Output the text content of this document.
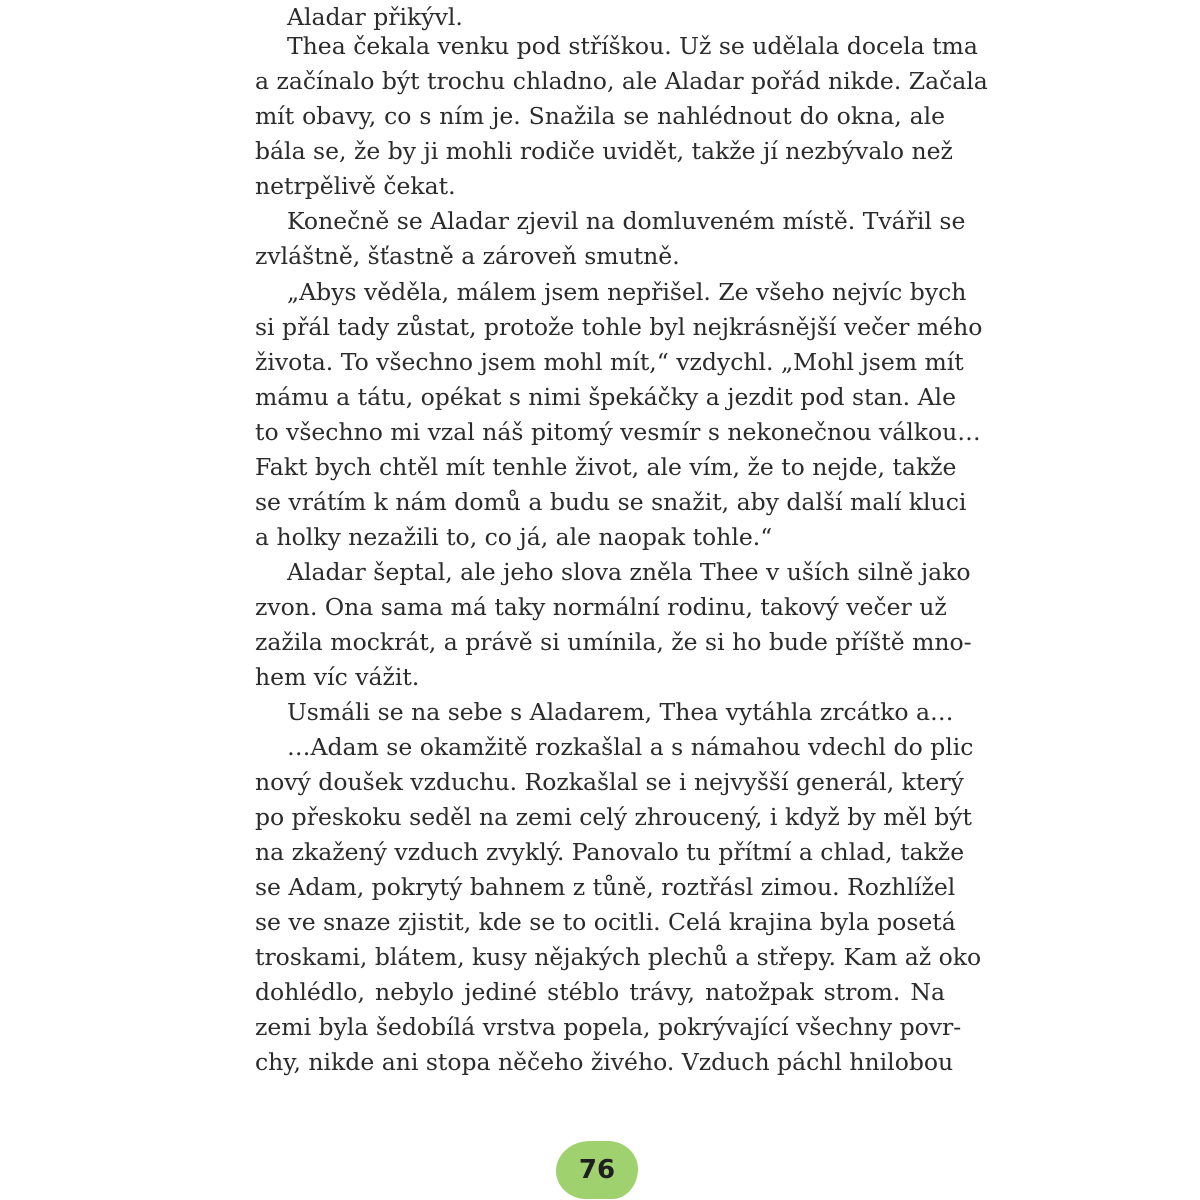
Aladar přikývl.
Thea čekala venku pod stříškou. Už se udělala docela tma
a začínalo být trochu chladno, ale Aladar pořád nikde. Začala
mít obavy, co s ním je. Snažila se nahlédnout do okna, ale
bála se, že by ji mohli rodiče uvidět, takže jí nezbývalo než
netrpělivě čekat.
Konečně se Aladar zjevil na domluveném místě. Tvářil se
zvláštně, šťastně a zároveň smutně.
„Abys věděla, málem jsem nepřišel. Ze všeho nejvíc bych
si přál tady zůstat, protože tohle byl nejkrásnější večer mého
života. To všechno jsem mohl mít,“ vzdychl. „Mohl jsem mít
mámu a tátu, opékat s nimi špekáčky a jezdit pod stan. Ale
to všechno mi vzal náš pitomý vesmír s nekonečnou válkou…
Fakt bych chtěl mít tenhle život, ale vím, že to nejde, takže
se vrátím k nám domů a budu se snažit, aby další malí kluci
a holky nezažili to, co já, ale naopak tohle.“
Aladar šeptal, ale jeho slova zněla Thee v uších silně jako
zvon. Ona sama má taky normální rodinu, takový večer už
zažila mockrát, a právě si umínila, že si ho bude příště mno-
hem víc vážit.
Usmáli se na sebe s Aladarem, Thea vytáhla zrcátko a…
…Adam se okamžitě rozkašlal a s námahou vdechl do plic
nový doušek vzduchu. Rozkašlal se i nejvyšší generál, který
po přeskoku seděl na zemi celý zhroucený, i když by měl být
na zkažený vzduch zvyklý. Panovalo tu přítmí a chlad, takže
se Adam, pokrytý bahnem z tůně, roztřásl zimou. Rozhlížel
se ve snaze zjistit, kde se to ocitli. Celá krajina byla posetá
troskami, blátem, kusy nějakých plechů a střepy. Kam až oko
dohlédlo, nebylo jediné stéblo trávy, natožpak strom. Na
zemi byla šedobílá vrstva popela, pokrývající všechny povr-
chy, nikde ani stopa něčeho živého. Vzduch páchl hnilobou
76
